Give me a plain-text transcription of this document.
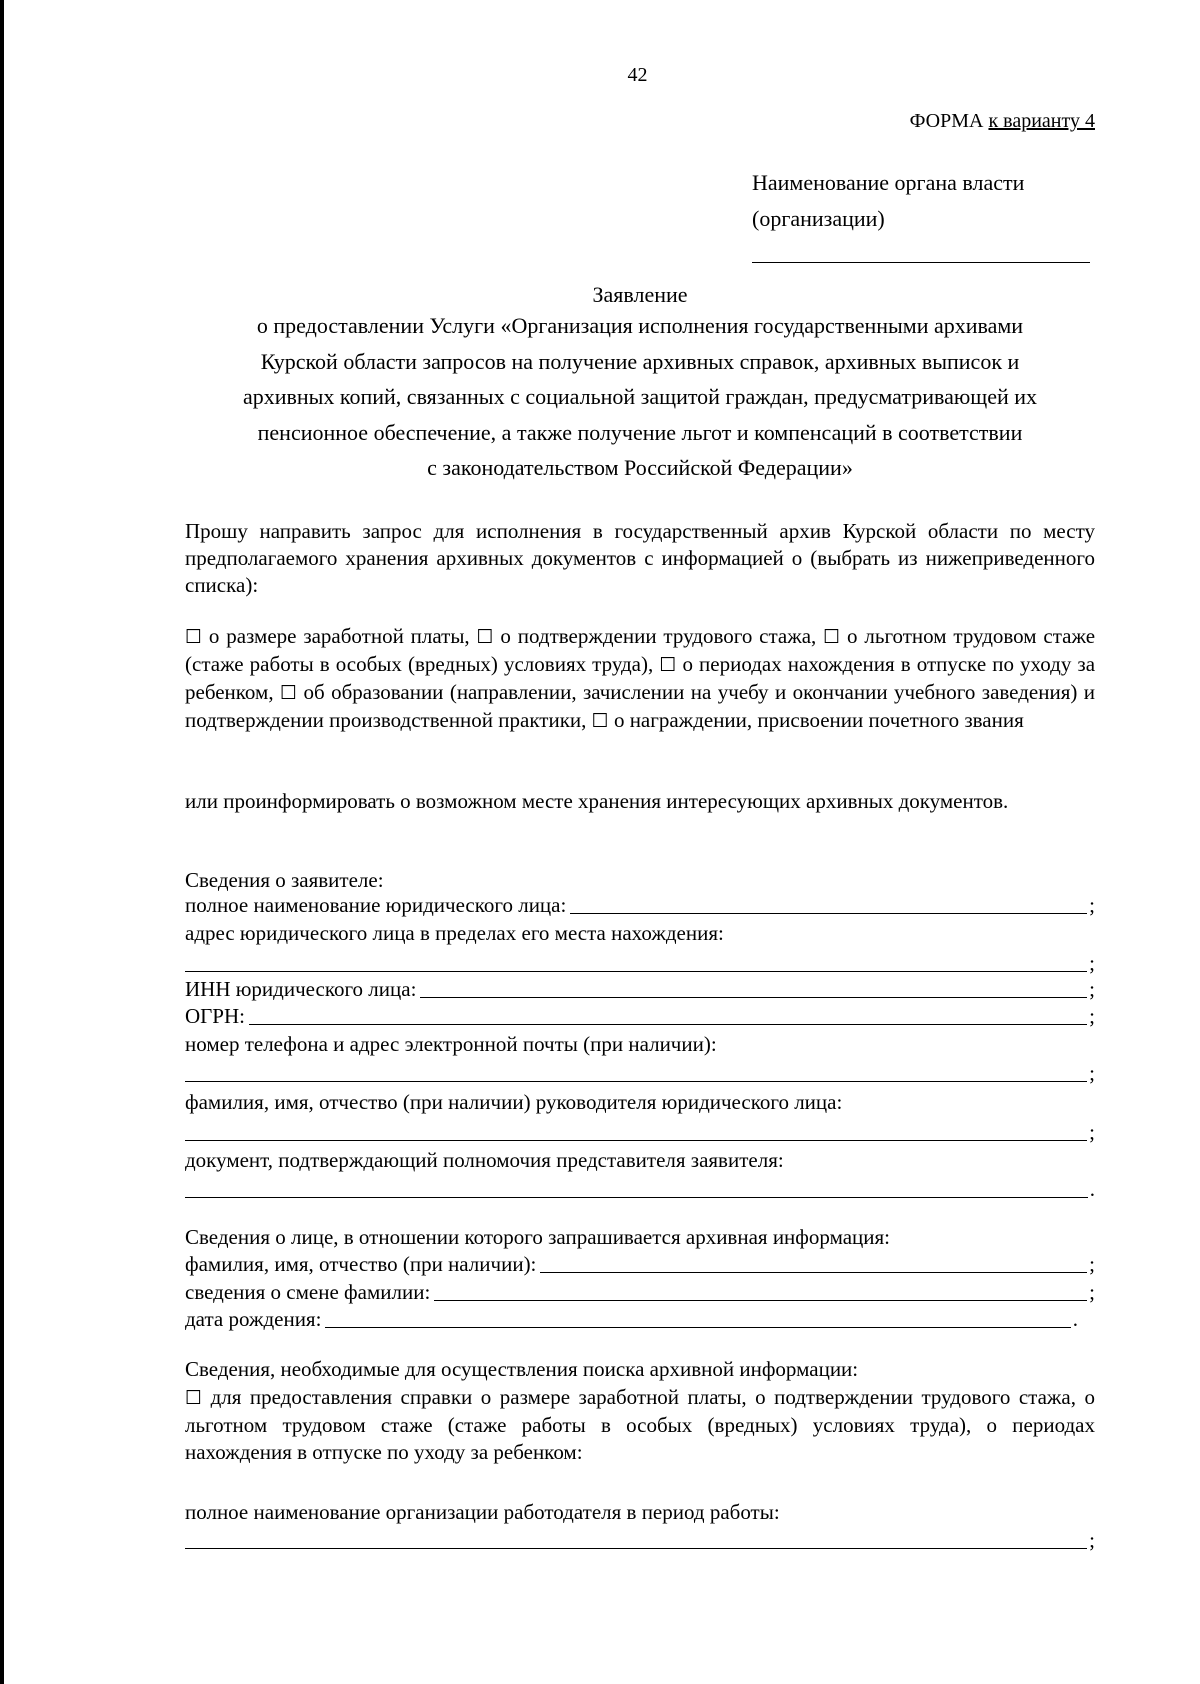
42
ФОРМА к варианту 4
Наименование органа власти
(организации)
Заявление
о предоставлении Услуги «Организация исполнения государственными архивами
Курской области запросов на получение архивных справок, архивных выписок и
архивных копий, связанных с социальной защитой граждан, предусматривающей их
пенсионное обеспечение, а также получение льгот и компенсаций в соответствии
с законодательством Российской Федерации»
Прошу направить запрос для исполнения в государственный архив Курской области по месту предполагаемого хранения архивных документов с информацией о (выбрать из нижеприведенного списка):
☐ о размере заработной платы, ☐ о подтверждении трудового стажа, ☐ о льготном трудовом стаже (стаже работы в особых (вредных) условиях труда), ☐ о периодах нахождения в отпуске по уходу за ребенком, ☐ об образовании (направлении, зачислении на учебу и окончании учебного заведения) и подтверждении производственной практики, ☐ о награждении, присвоении почетного звания
или проинформировать о возможном месте хранения интересующих архивных документов.
Сведения о заявителе:
полное наименование юридического лица:	;
адрес юридического лица в пределах его места нахождения:
;
ИНН юридического лица:	;
ОГРН:	;
номер телефона и адрес электронной почты (при наличии):
;
фамилия, имя, отчество (при наличии) руководителя юридического лица:
;
документ, подтверждающий полномочия представителя заявителя:
.
Сведения о лице, в отношении которого запрашивается архивная информация:
фамилия, имя, отчество (при наличии):	;
сведения о смене фамилии:	;
дата рождения:	.
Сведения, необходимые для осуществления поиска архивной информации:
☐ для предоставления справки о размере заработной платы, о подтверждении трудового стажа, о льготном трудовом стаже (стаже работы в особых (вредных) условиях труда), о периодах нахождения в отпуске по уходу за ребенком:
полное наименование организации работодателя в период работы:
;
